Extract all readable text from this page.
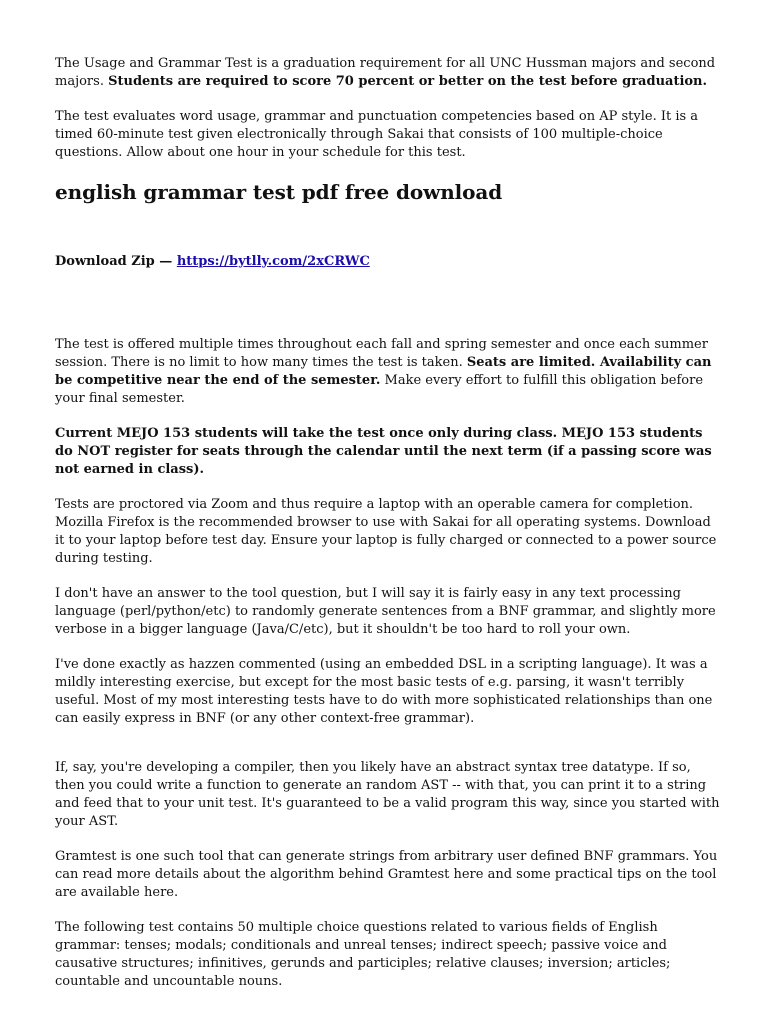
The Usage and Grammar Test is a graduation requirement for all UNC Hussman majors and second majors. Students are required to score 70 percent or better on the test before graduation.

The test evaluates word usage, grammar and punctuation competencies based on AP style. It is a timed 60-minute test given electronically through Sakai that consists of 100 multiple-choice questions. Allow about one hour in your schedule for this test.

english grammar test pdf free download

Download Zip — https://bytlly.com/2xCRWC

The test is offered multiple times throughout each fall and spring semester and once each summer session. There is no limit to how many times the test is taken. Seats are limited. Availability can be competitive near the end of the semester. Make every effort to fulfill this obligation before your final semester.

Current MEJO 153 students will take the test once only during class. MEJO 153 students do NOT register for seats through the calendar until the next term (if a passing score was not earned in class).

Tests are proctored via Zoom and thus require a laptop with an operable camera for completion. Mozilla Firefox is the recommended browser to use with Sakai for all operating systems. Download it to your laptop before test day. Ensure your laptop is fully charged or connected to a power source during testing.

I don't have an answer to the tool question, but I will say it is fairly easy in any text processing language (perl/python/etc) to randomly generate sentences from a BNF grammar, and slightly more verbose in a bigger language (Java/C/etc), but it shouldn't be too hard to roll your own.

I've done exactly as hazzen commented (using an embedded DSL in a scripting language). It was a mildly interesting exercise, but except for the most basic tests of e.g. parsing, it wasn't terribly useful. Most of my most interesting tests have to do with more sophisticated relationships than one can easily express in BNF (or any other context-free grammar).

If, say, you're developing a compiler, then you likely have an abstract syntax tree datatype. If so, then you could write a function to generate an random AST -- with that, you can print it to a string and feed that to your unit test. It's guaranteed to be a valid program this way, since you started with your AST.

Gramtest is one such tool that can generate strings from arbitrary user defined BNF grammars. You can read more details about the algorithm behind Gramtest here and some practical tips on the tool are available here.

The following test contains 50 multiple choice questions related to various fields of English grammar: tenses; modals; conditionals and unreal tenses; indirect speech; passive voice and causative structures; infinitives, gerunds and participles; relative clauses; inversion; articles; countable and uncountable nouns.
